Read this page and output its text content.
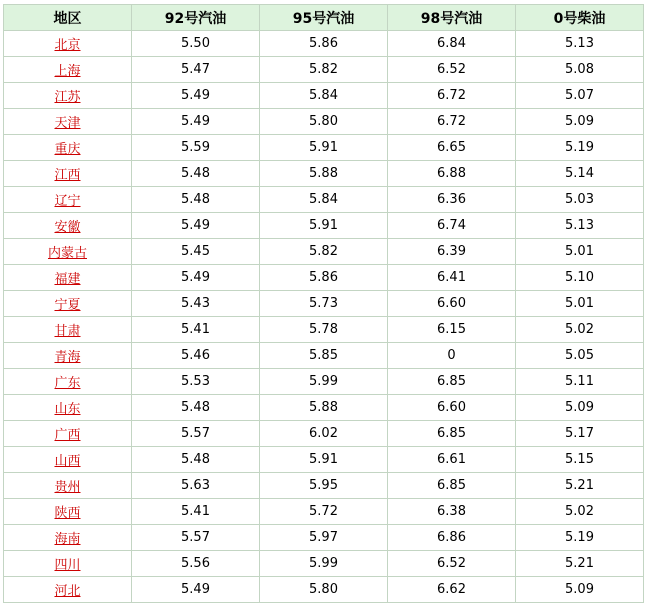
地区	92号汽油	95号汽油	98号汽油	0号柴油
北京	5.50	5.86	6.84	5.13
上海	5.47	5.82	6.52	5.08
江苏	5.49	5.84	6.72	5.07
天津	5.49	5.80	6.72	5.09
重庆	5.59	5.91	6.65	5.19
江西	5.48	5.88	6.88	5.14
辽宁	5.48	5.84	6.36	5.03
安徽	5.49	5.91	6.74	5.13
内蒙古	5.45	5.82	6.39	5.01
福建	5.49	5.86	6.41	5.10
宁夏	5.43	5.73	6.60	5.01
甘肃	5.41	5.78	6.15	5.02
青海	5.46	5.85	0	5.05
广东	5.53	5.99	6.85	5.11
山东	5.48	5.88	6.60	5.09
广西	5.57	6.02	6.85	5.17
山西	5.48	5.91	6.61	5.15
贵州	5.63	5.95	6.85	5.21
陕西	5.41	5.72	6.38	5.02
海南	5.57	5.97	6.86	5.19
四川	5.56	5.99	6.52	5.21
河北	5.49	5.80	6.62	5.09
